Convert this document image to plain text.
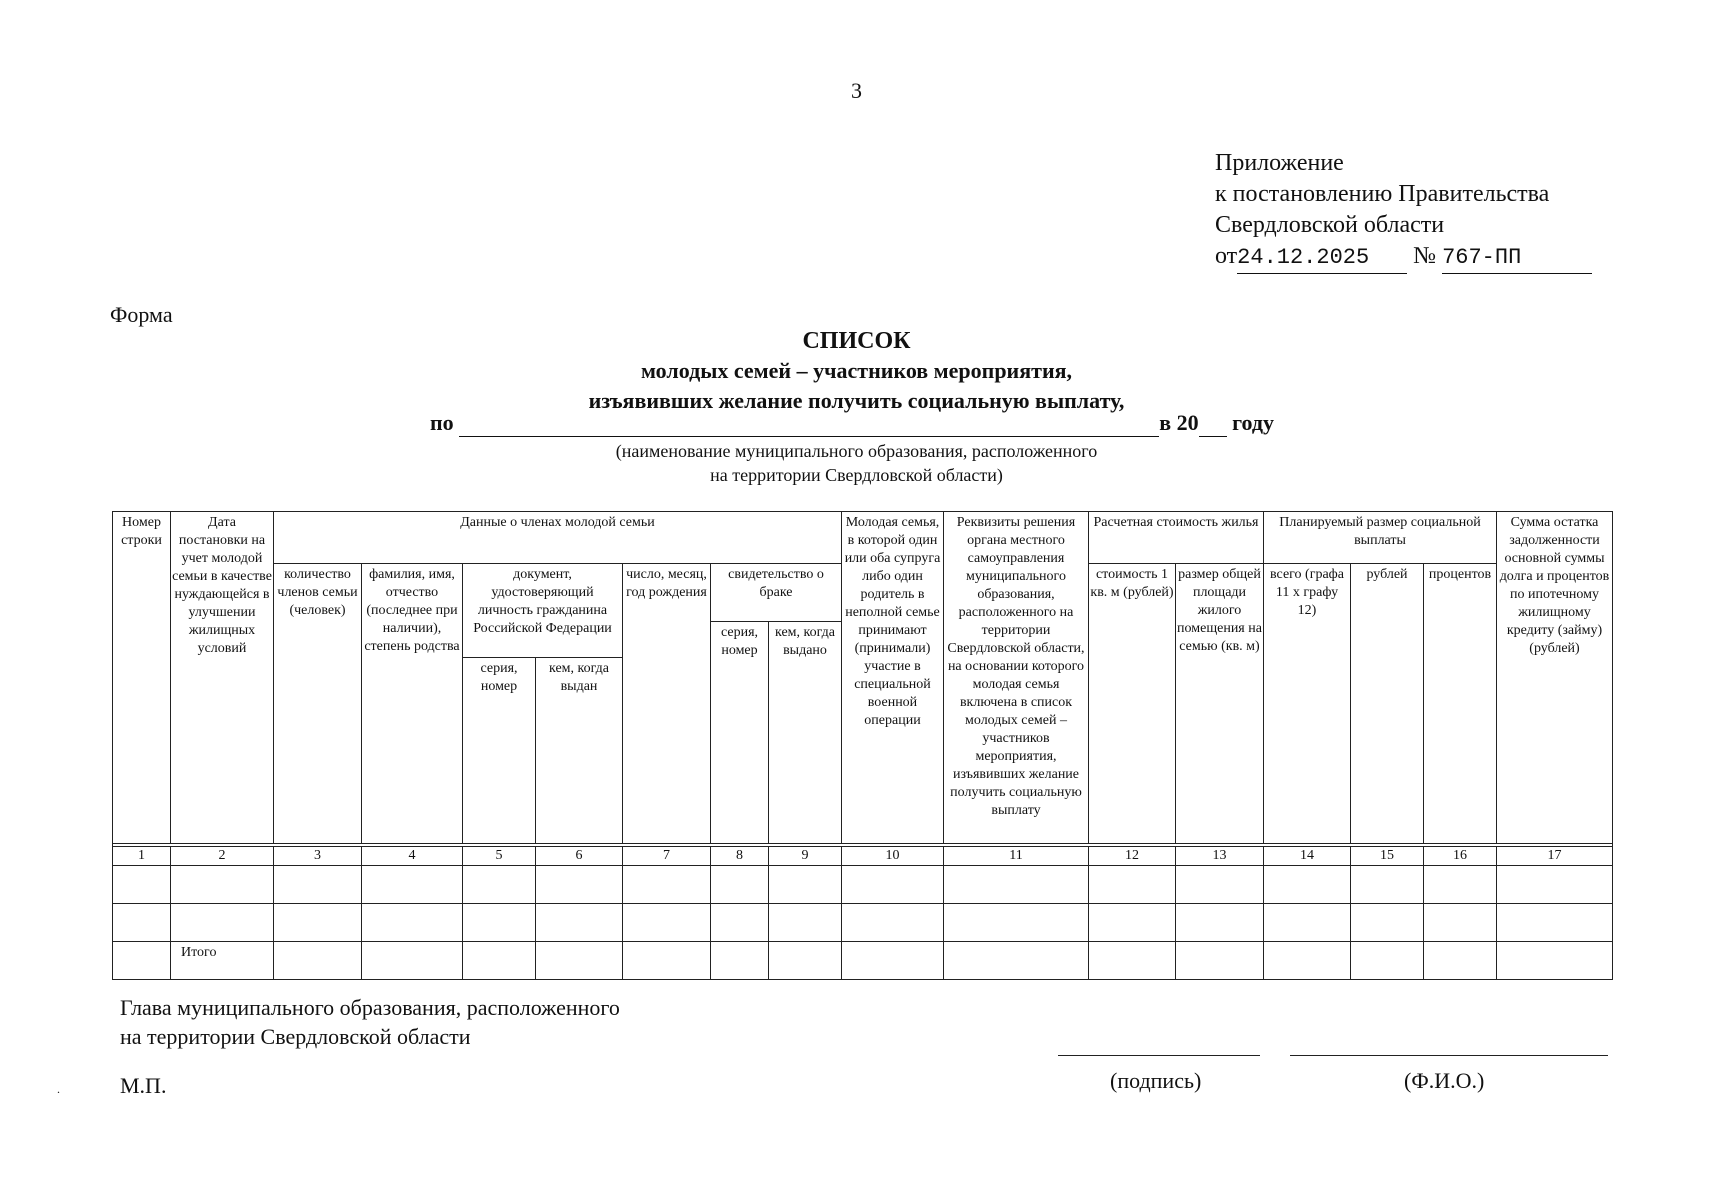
3
Приложение
к постановлению Правительства
Свердловской области
от24.12.2025 № 767-ПП
Форма
СПИСОК
молодых семей – участников мероприятия,
изъявивших желание получить социальную выплату,
по	в 20 году
(наименование муниципального образования, расположенного
на территории Свердловской области)
Номер строки	Дата постановки на учет молодой семьи в качестве нуждающейся в улучшении жилищных условий	Данные о членах молодой семьи							Молодая семья, в которой один или оба супруга либо один родитель в неполной семье принимают (принимали) участие в специальной военной операции	Реквизиты решения органа местного самоуправления муниципального образования, расположенного на территории Свердловской области, на основании которого молодая семья включена в список молодых семей – участников мероприятия, изъявивших желание получить социальную выплату	Расчетная стоимость жилья		Планируемый размер социальной выплаты			Сумма остатка задолженности основной суммы долга и процентов по ипотечному жилищному кредиту (займу) (рублей)
		количество членов семьи (человек)	фамилия, имя, отчество (последнее при наличии), степень родства	документ, удостоверяющий личность гражданина Российской Федерации		число, месяц, год рождения	свидетельство о браке				стоимость 1 кв. м (рублей)	размер общей площади жилого помещения на семью (кв. м)	всего (графа 11 х графу 12)	рублей	процентов	
							серия, номер	кем, когда выдано								
				серия, номер	кем, когда выдан											

1	2	3	4	5	6	7	8	9	10	11	12	13	14	15	16	17

	Итого															
Глава муниципального образования, расположенного
на территории Свердловской области
(подпись)	(Ф.И.О.)
М.П.
.
